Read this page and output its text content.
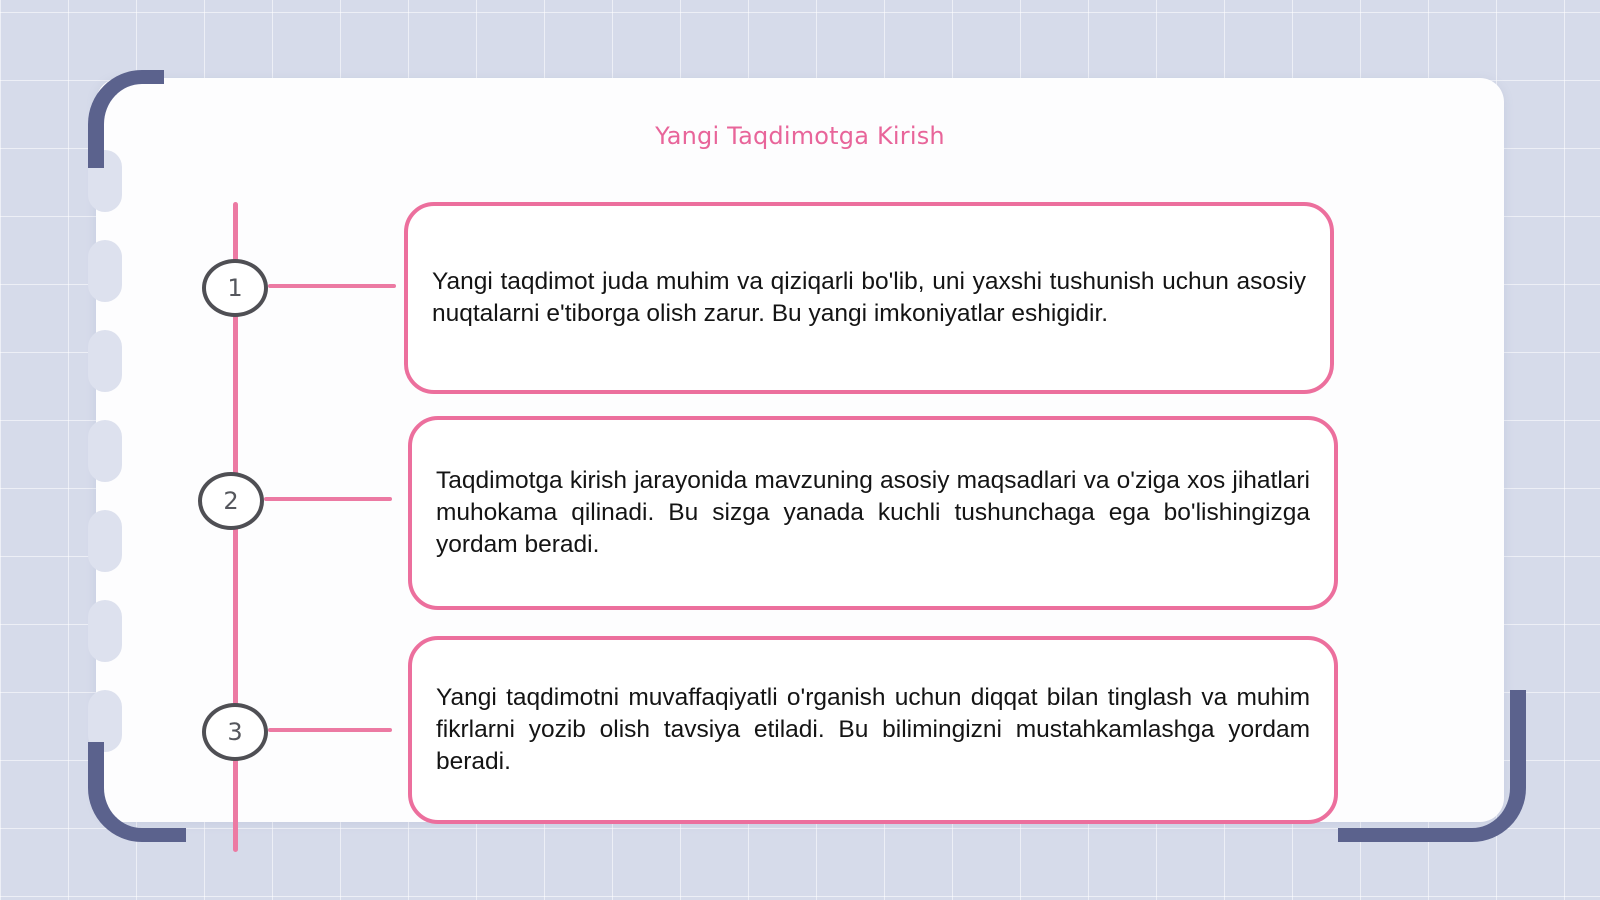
Yangi Taqdimotga Kirish
1	Yangi taqdimot juda muhim va qiziqarli bo'lib, uni yaxshi tushunish uchun asosiy nuqtalarni e'tiborga olish zarur. Bu yangi imkoniyatlar eshigidir.

2

Taqdimotga kirish jarayonida mavzuning asosiy maqsadlari va o'ziga xos jihatlari muhokama qilinadi. Bu sizga yanada kuchli tushunchaga ega bo'lishingizga yordam beradi.

3

Yangi taqdimotni muvaffaqiyatli o'rganish uchun diqqat bilan tinglash va muhim fikrlarni yozib olish tavsiya etiladi. Bu bilimingizni mustahkamlashga yordam beradi.
